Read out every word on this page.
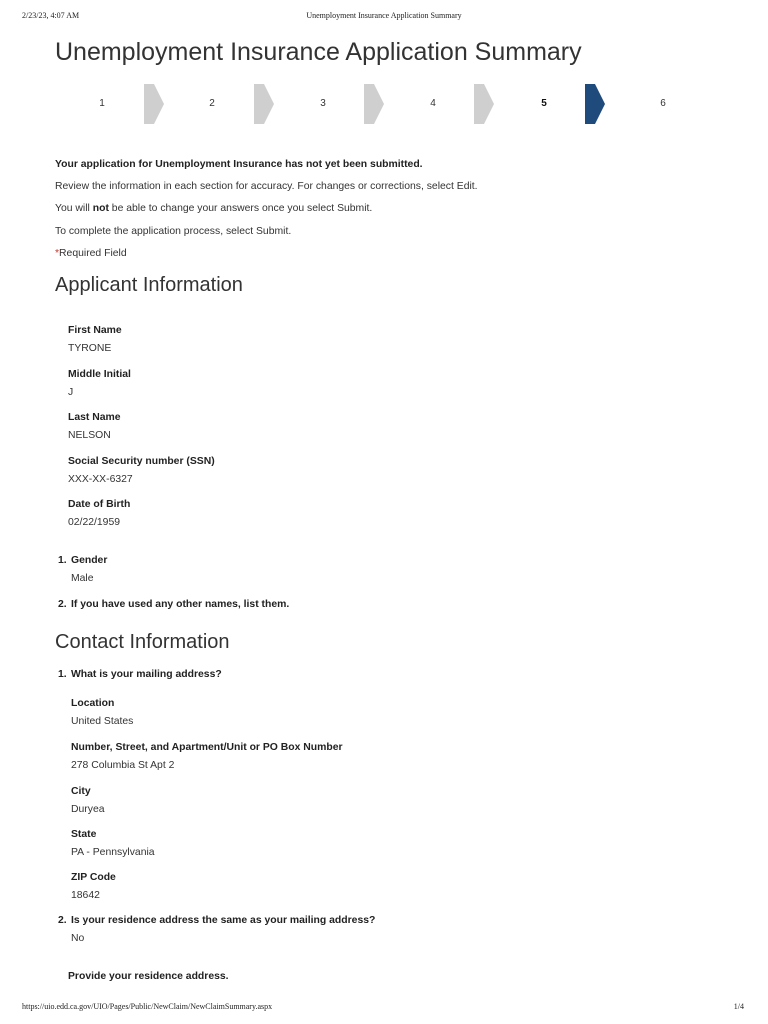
2/23/23, 4:07 AM	Unemployment Insurance Application Summary
Unemployment Insurance Application Summary
1	2	3	4	5	6

Your application for Unemployment Insurance has not yet been submitted.

Review the information in each section for accuracy. For changes or corrections, select Edit.

You will not be able to change your answers once you select Submit.

To complete the application process, select Submit.

*Required Field

Applicant Information
First Name
TYRONE
Middle Initial
J
Last Name
NELSON
Social Security number (SSN)
XXX-XX-6327
Date of Birth
02/22/1959
1. Gender
Male
2. If you have used any other names, list them.
Contact Information
1. What is your mailing address?
Location
United States
Number, Street, and Apartment/Unit or PO Box Number
278 Columbia St Apt 2
City
Duryea
State
PA - Pennsylvania
ZIP Code
18642
2. Is your residence address the same as your mailing address?
No
Provide your residence address.
https://uio.edd.ca.gov/UIO/Pages/Public/NewClaim/NewClaimSummary.aspx	1/4
